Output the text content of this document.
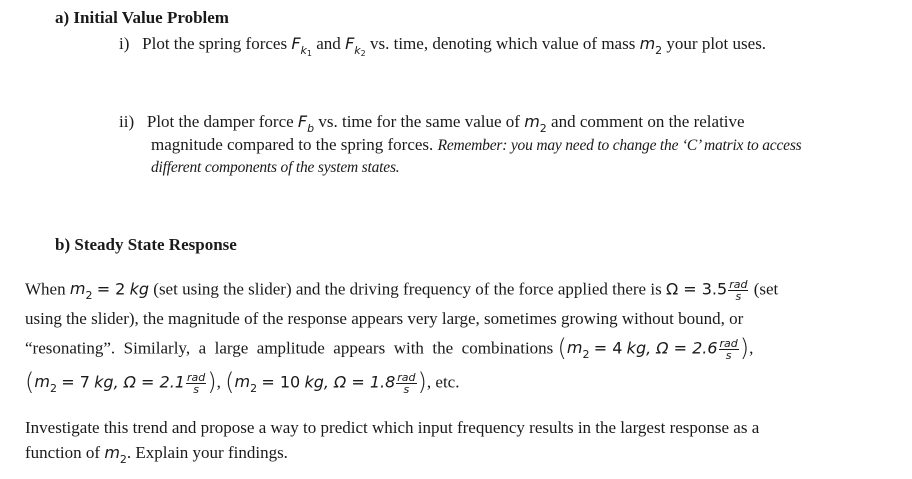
a) Initial Value Problem
i) Plot the spring forces $F_{k1}$ and $F_{k2}$ vs. time, denoting which value of mass $m_2$ your plot uses.
ii) Plot the damper force $F_b$ vs. time for the same value of $m_2$ and comment on the relative
magnitude compared to the spring forces. Remember: you may need to change the ‘C’ matrix to access
different components of the system states.
b) Steady State Response
When $m_2 = 2$ kg (set using the slider) and the driving frequency of the force applied there is $\Omega = 3.5 \frac{\text{rad}}{s} (set$
using the slider), the magnitude of the response appears very large, sometimes growing without bound, or
“resonating”.  Similarly,  a  large  amplitude  appears  with  the  combinations ($m_2 = 4$ kg, $\Omega = 2.6 \frac{\text{rad}}{s}$ ),
($m_2 = 7$ kg, $\Omega = 2.1 \frac{\text{rad}}{s}$ ), ($m_2 = 10$ kg, $\Omega = 1.8 \frac{\text{rad}}{s}$ ), etc.
Investigate this trend and propose a way to predict which input frequency results in the largest response as a
function of $m_2$. Explain your findings.
